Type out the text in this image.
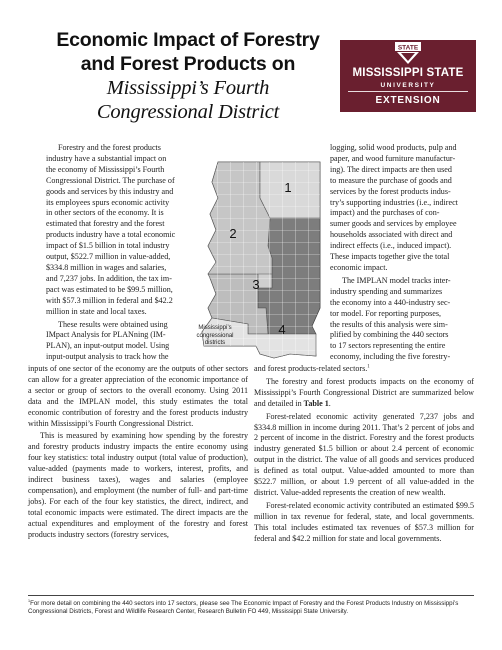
Economic Impact of Forestry
and Forest Products on
Mississippi’s Fourth
Congressional District
STATE
MISSISSIPPI STATE
UNIVERSITY
EXTENSION
Forestry and the forest products
industry have a substantial impact on
the economy of Mississippi’s Fourth
Congressional District. The purchase of
goods and services by this industry and
its employees spurs economic activity
in other sectors of the economy. It is
estimated that forestry and the forest
products industry have a total economic
impact of $1.5 billion in total industry
output, $522.7 million in value-added,
$334.8 million in wages and salaries,
and 7,237 jobs. In addition, the tax im-
pact was estimated to be $99.5 million,
with $57.3 million in federal and $42.2
million in state and local taxes.
These results were obtained using
IMpact Analysis for PLANning (IM-
PLAN), an input-output model. Using
input-output analysis to track how the

inputs of one sector of the economy are the outputs of other sectors can allow for a greater appreciation of the economic importance of a sector or group of sectors to the overall economy. Using 2011 data and the IMPLAN model, this study estimates the total economic contribution of forestry and the forest products industry within Mississippi’s Fourth Congressional District.

This is measured by examining how spending by the forestry and forestry products industry impacts the entire economy using four key statistics: total industry output (total value of production), value-added (payments made to workers, interest, profits, and indirect business taxes), wages and salaries (employee compensation), and employment (the number of full- and part-time jobs). For each of the four key statistics, the direct, indirect, and total economic impacts were estimated. The direct impacts are the actual expenditures and employment of the forestry and forest products industry sectors (forestry services,

logging, solid wood products, pulp and
paper, and wood furniture manufactur-
ing). The direct impacts are then used
to measure the purchase of goods and
services by the forest products indus-
try’s supporting industries (i.e., indirect
impact) and the purchases of con-
sumer goods and services by employee
households associated with direct and
indirect effects (i.e., induced impact).
These impacts together give the total
economic impact.
The IMPLAN model tracks inter-
industry spending and summarizes
the economy into a 440-industry sec-
tor model. For reporting purposes,
the results of this analysis were sim-
plified by combining the 440 sectors
to 17 sectors representing the entire
economy, including the five forestry-

and forest products-related sectors.$^1$

The forestry and forest products impacts on the economy of Mississippi’s Fourth Congressional District are summarized below and detailed in Table 1.

Forest-related economic activity generated 7,237 jobs and $334.8 million in income during 2011. That’s 2 percent of jobs and 2 percent of income in the district. Forestry and the forest products industry generated $1.5 billion or about 2.4 percent of economic output in the district. The value of all goods and services produced is defined as total output. Value-added amounted to more than $522.7 million, or about 1.9 percent of all value-added in the district. Value-added represents the creation of new wealth.

Forest-related economic activity contributed an estimated $99.5 million in tax revenue for federal, state, and local governments. This total includes estimated tax revenues of $57.3 million for federal and $42.2 million for state and local governments.

1
2
3
4
Mississippi’s
congressional
districts
$^1$For more detail on combining the 440 sectors into 17 sectors, please see The Economic Impact of Forestry and the Forest Products Industry on Mississippi’s Congressional Districts, Forest and Wildlife Research Center, Research Bulletin FO 449, Mississippi State University.
